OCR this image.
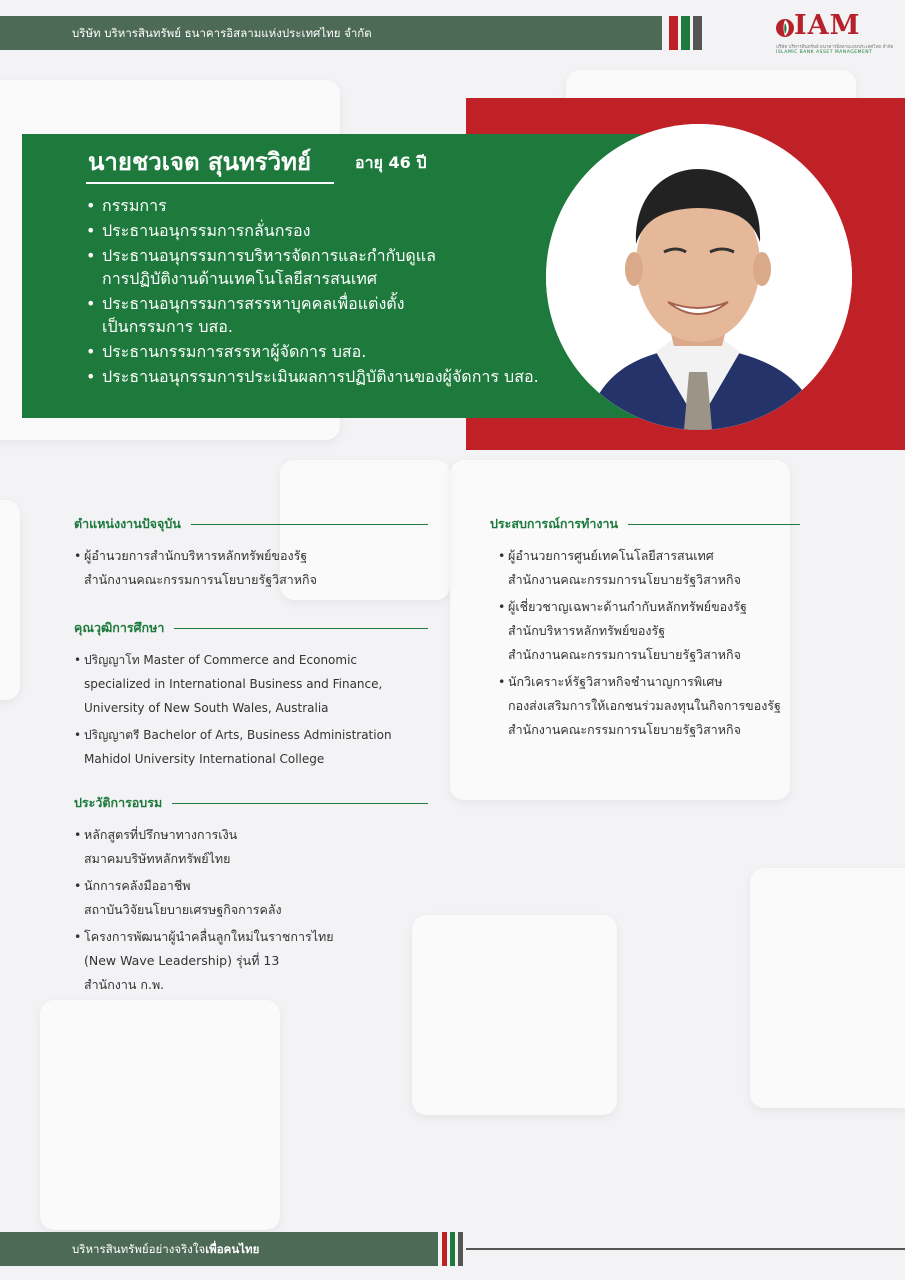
บริษัท บริหารสินทรัพย์ ธนาคารอิสลามแห่งประเทศไทย จำกัด	IAM
บริษัท บริหารสินทรัพย์ ธนาคารอิสลามแห่งประเทศไทย จำกัด
ISLAMIC BANK ASSET MANAGEMENT
นายชวเจต สุนทรวิทย์	อายุ 46 ปี
• กรรมการ
• ประธานอนุกรรมการกลั่นกรอง
• ประธานอนุกรรมการบริหารจัดการและกำกับดูแล
การปฏิบัติงานด้านเทคโนโลยีสารสนเทศ
• ประธานอนุกรรมการสรรหาบุคคลเพื่อแต่งตั้ง
เป็นกรรมการ บสอ.
• ประธานกรรมการสรรหาผู้จัดการ บสอ.
• ประธานอนุกรรมการประเมินผลการปฏิบัติงานของผู้จัดการ บสอ.
ตำแหน่งงานปัจจุบัน
• ผู้อำนวยการสำนักบริหารหลักทรัพย์ของรัฐ
สำนักงานคณะกรรมการนโยบายรัฐวิสาหกิจ
คุณวุฒิการศึกษา
• ปริญญาโท Master of Commerce and Economic
specialized in International Business and Finance,
University of New South Wales, Australia
• ปริญญาตรี Bachelor of Arts, Business Administration
Mahidol University International College
ประวัติการอบรม
• หลักสูตรที่ปรึกษาทางการเงิน
สมาคมบริษัทหลักทรัพย์ไทย
• นักการคลังมืออาชีพ
สถาบันวิจัยนโยบายเศรษฐกิจการคลัง
• โครงการพัฒนาผู้นำคลื่นลูกใหม่ในราชการไทย
(New Wave Leadership) รุ่นที่ 13
สำนักงาน ก.พ.
ประสบการณ์การทำงาน
• ผู้อำนวยการศูนย์เทคโนโลยีสารสนเทศ
สำนักงานคณะกรรมการนโยบายรัฐวิสาหกิจ
• ผู้เชี่ยวชาญเฉพาะด้านกำกับหลักทรัพย์ของรัฐ
สำนักบริหารหลักทรัพย์ของรัฐ
สำนักงานคณะกรรมการนโยบายรัฐวิสาหกิจ
• นักวิเคราะห์รัฐวิสาหกิจชำนาญการพิเศษ
กองส่งเสริมการให้เอกชนร่วมลงทุนในกิจการของรัฐ
สำนักงานคณะกรรมการนโยบายรัฐวิสาหกิจ
บริหารสินทรัพย์อย่างจริงใจเพื่อคนไทย
